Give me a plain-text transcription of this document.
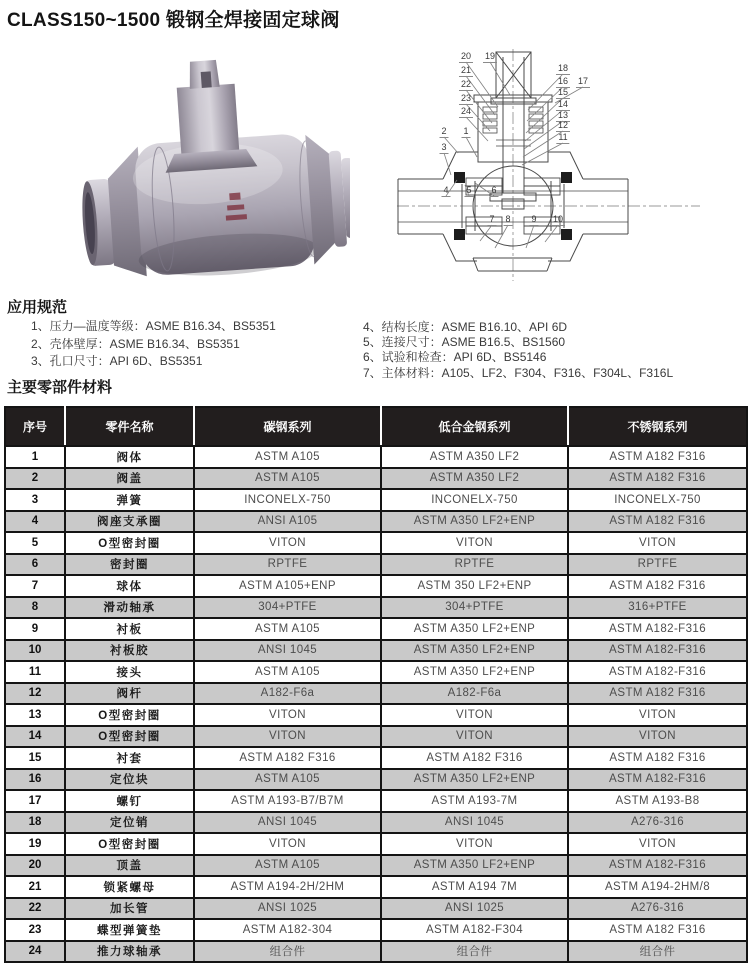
CLASS150~1500 锻钢全焊接固定球阀
20 19
21
22
23
24
18
16 17
15
14
13
12
11
2 1
3
4 5 6
7 8 9 10
应用规范
1、压力—温度等级：ASME B16.34、BS5351
2、壳体壁厚：ASME B16.34、BS5351
3、孔口尺寸：API 6D、BS5351
4、结构长度：ASME B16.10、API 6D
5、连接尺寸：ASME B16.5、BS1560
6、试验和检查：API 6D、BS5146
7、主体材料：A105、LF2、F304、F316、F304L、F316L
主要零部件材料
序号	零件名称	碳钢系列	低合金钢系列	不锈钢系列
1	阀体	ASTM A105	ASTM A350 LF2	ASTM A182 F316
2	阀盖	ASTM A105	ASTM A350 LF2	ASTM A182 F316
3	弹簧	INCONELX-750	INCONELX-750	INCONELX-750
4	阀座支承圈	ANSI A105	ASTM A350 LF2+ENP	ASTM A182 F316
5	O型密封圈	VITON	VITON	VITON
6	密封圈	RPTFE	RPTFE	RPTFE
7	球体	ASTM A105+ENP	ASTM 350 LF2+ENP	ASTM A182 F316
8	滑动轴承	304+PTFE	304+PTFE	316+PTFE
9	衬板	ASTM A105	ASTM A350 LF2+ENP	ASTM A182-F316
10	衬板胶	ANSI 1045	ASTM A350 LF2+ENP	ASTM A182-F316
11	接头	ASTM A105	ASTM A350 LF2+ENP	ASTM A182-F316
12	阀杆	A182-F6a	A182-F6a	ASTM A182 F316
13	O型密封圈	VITON	VITON	VITON
14	O型密封圈	VITON	VITON	VITON
15	衬套	ASTM A182 F316	ASTM A182 F316	ASTM A182 F316
16	定位块	ASTM A105	ASTM A350 LF2+ENP	ASTM A182-F316
17	螺钉	ASTM A193-B7/B7M	ASTM A193-7M	ASTM A193-B8
18	定位销	ANSI 1045	ANSI 1045	A276-316
19	O型密封圈	VITON	VITON	VITON
20	顶盖	ASTM A105	ASTM A350 LF2+ENP	ASTM A182-F316
21	锁紧螺母	ASTM A194-2H/2HM	ASTM A194 7M	ASTM A194-2HM/8
22	加长管	ANSI 1025	ANSI 1025	A276-316
23	蝶型弹簧垫	ASTM A182-304	ASTM A182-F304	ASTM A182 F316
24	推力球轴承	组合件	组合件	组合件
